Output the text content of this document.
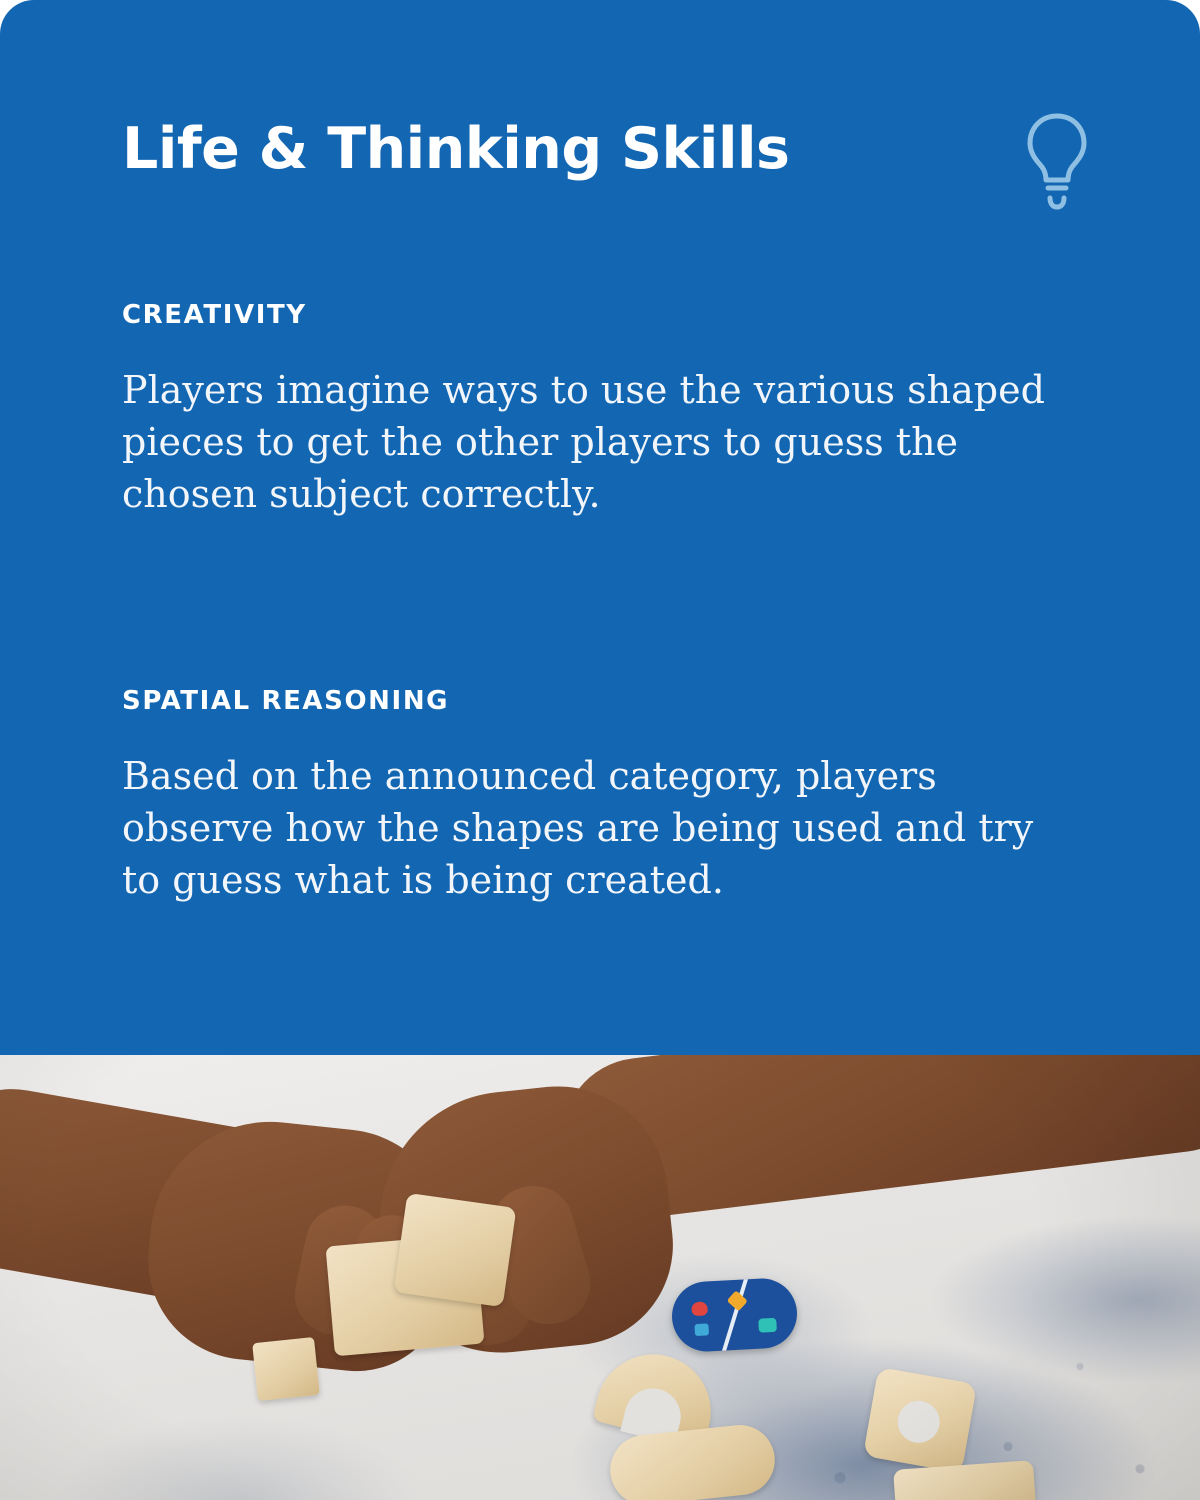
Life & Thinking Skills
CREATIVITY

Players imagine ways to use the various shaped pieces to get the other players to guess the chosen subject correctly.

SPATIAL REASONING

Based on the announced category, players observe how the shapes are being used and try to guess what is being created.
